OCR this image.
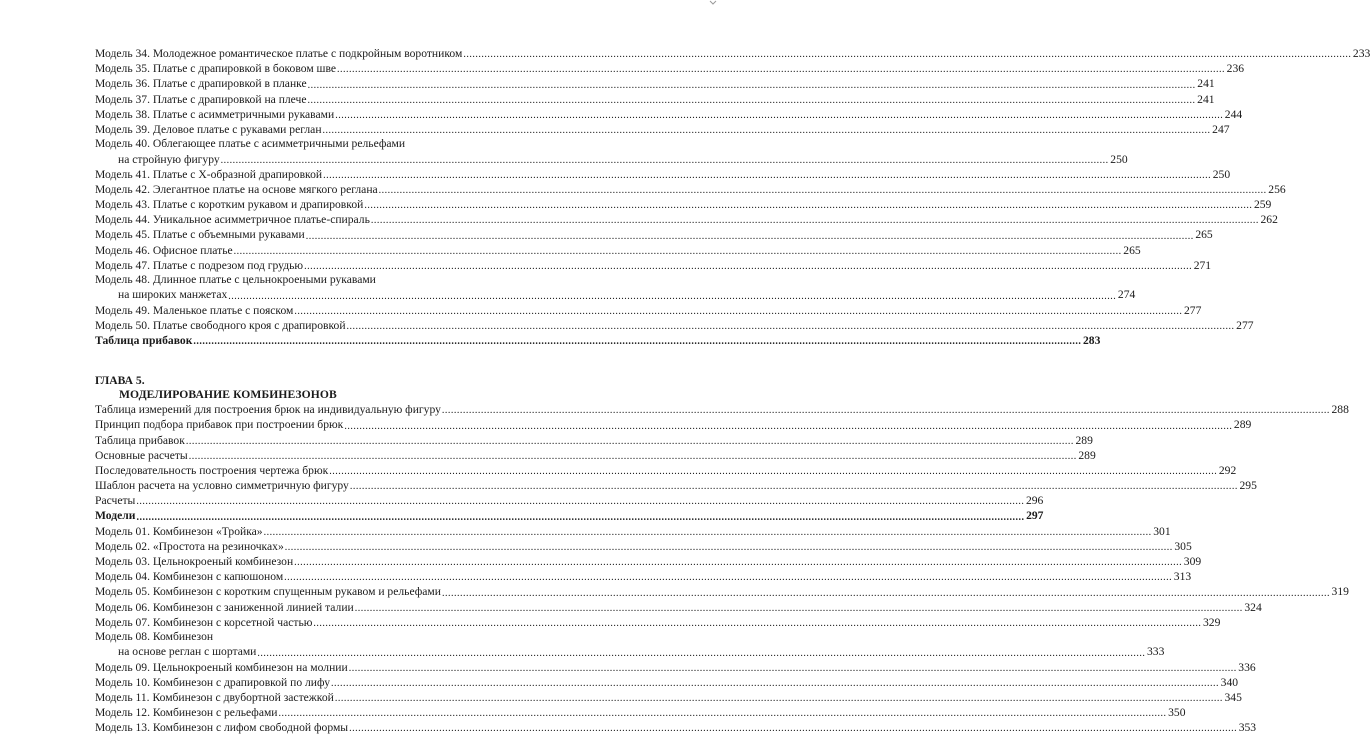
Модель 34. Молодежное романтическое платье с подкройным воротником .....	233
Модель 35. Платье с драпировкой в боковом шве .....	236
Модель 36. Платье с драпировкой в планке .....	241
Модель 37. Платье с драпировкой на плече .....	241
Модель 38. Платье с асимметричными рукавами .....	244
Модель 39. Деловое платье с рукавами реглан .....	247
Модель 40. Облегающее платье с асимметричными рельефами
на стройную фигуру .....	250
Модель 41. Платье с Х-образной драпировкой .....	250
Модель 42. Элегантное платье на основе мягкого реглана .....	256
Модель 43. Платье с коротким рукавом и драпировкой .....	259
Модель 44. Уникальное асимметричное платье-спираль .....	262
Модель 45. Платье с объемными рукавами .....	265
Модель 46. Офисное платье .....	265
Модель 47. Платье с подрезом под грудью .....	271
Модель 48. Длинное платье с цельнокроеными рукавами
на широких манжетах .....	274
Модель 49. Маленькое платье с пояском .....	277
Модель 50. Платье свободного кроя с драпировкой .....	277
Таблица прибавок .....	283
ГЛАВА 5.
МОДЕЛИРОВАНИЕ КОМБИНЕЗОНОВ
Таблица измерений для построения брюк на индивидуальную фигуру .....	288
Принцип подбора прибавок при построении брюк .....	289
Таблица прибавок .....	289
Основные расчеты .....	289
Последовательность построения чертежа брюк .....	292
Шаблон расчета на условно симметричную фигуру .....	295
Расчеты .....	296
Модели .....	297
Модель 01. Комбинезон «Тройка» .....	301
Модель 02. «Простота на резиночках» .....	305
Модель 03. Цельнокроеный комбинезон .....	309
Модель 04. Комбинезон с капюшоном .....	313
Модель 05. Комбинезон с коротким спущенным рукавом и рельефами .....	319
Модель 06. Комбинезон с заниженной линией талии .....	324
Модель 07. Комбинезон с корсетной частью .....	329
Модель 08. Комбинезон
на основе реглан с шортами .....	333
Модель 09. Цельнокроеный комбинезон на молнии .....	336
Модель 10. Комбинезон с драпировкой по лифу .....	340
Модель 11. Комбинезон с двубортной застежкой .....	345
Модель 12. Комбинезон с рельефами .....	350
Модель 13. Комбинезон с лифом свободной формы .....	353
